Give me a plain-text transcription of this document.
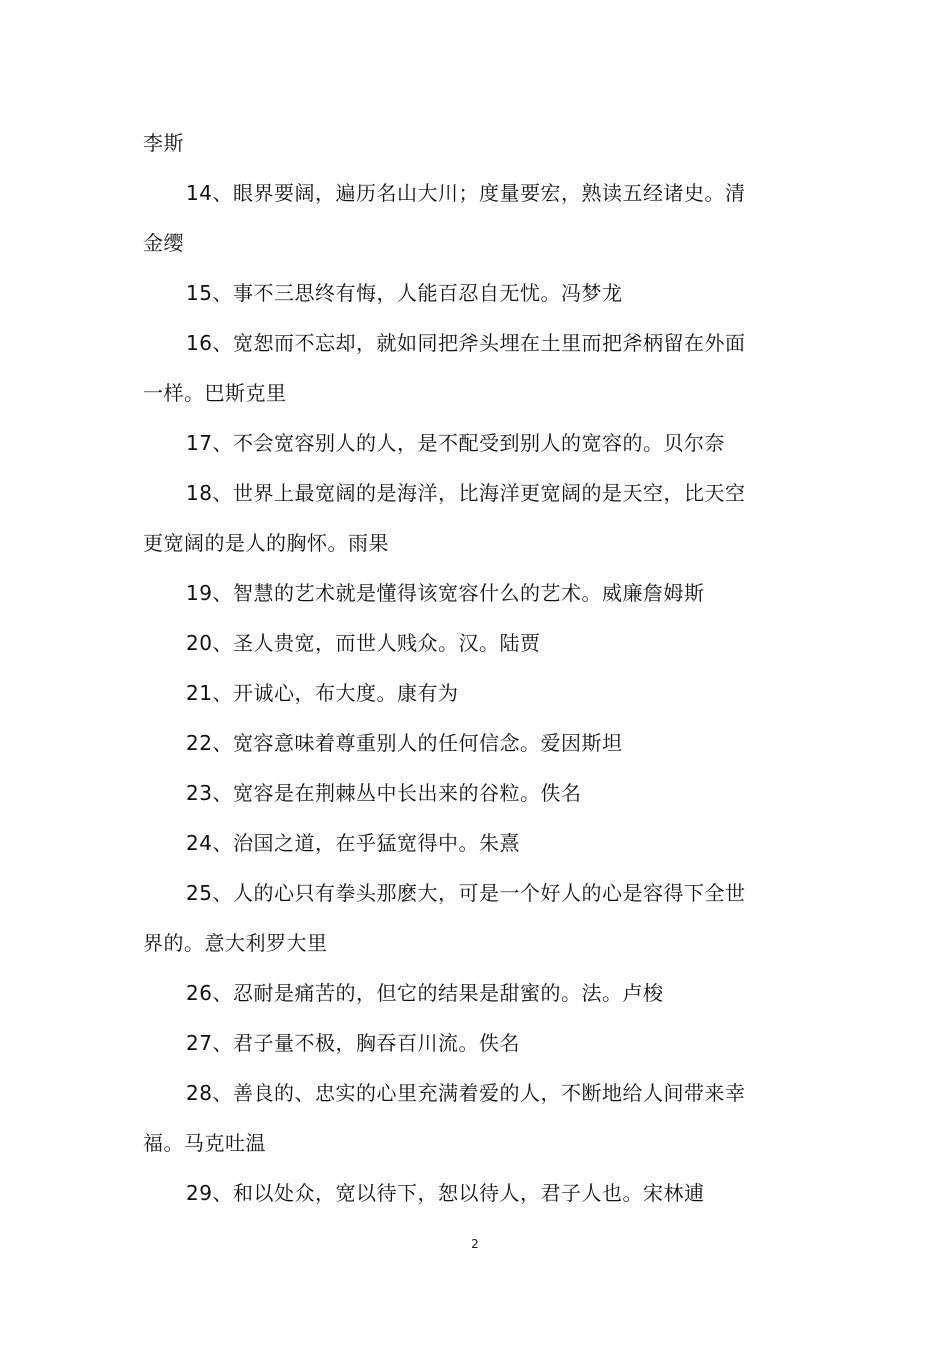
李斯

14、眼界要阔，遍历名山大川；度量要宏，熟读五经诸史。清金缨

15、事不三思终有悔，人能百忍自无忧。冯梦龙

16、宽恕而不忘却，就如同把斧头埋在土里而把斧柄留在外面一样。巴斯克里

17、不会宽容别人的人，是不配受到别人的宽容的。贝尔奈

18、世界上最宽阔的是海洋，比海洋更宽阔的是天空，比天空更宽阔的是人的胸怀。雨果

19、智慧的艺术就是懂得该宽容什么的艺术。威廉詹姆斯

20、圣人贵宽，而世人贱众。汉。陆贾

21、开诚心，布大度。康有为

22、宽容意味着尊重别人的任何信念。爱因斯坦

23、宽容是在荆棘丛中长出来的谷粒。佚名

24、治国之道，在乎猛宽得中。朱熹

25、人的心只有拳头那麽大，可是一个好人的心是容得下全世界的。意大利罗大里

26、忍耐是痛苦的，但它的结果是甜蜜的。法。卢梭

27、君子量不极，胸吞百川流。佚名

28、善良的、忠实的心里充满着爱的人，不断地给人间带来幸福。马克吐温

29、和以处众，宽以待下，恕以待人，君子人也。宋林逋

2
